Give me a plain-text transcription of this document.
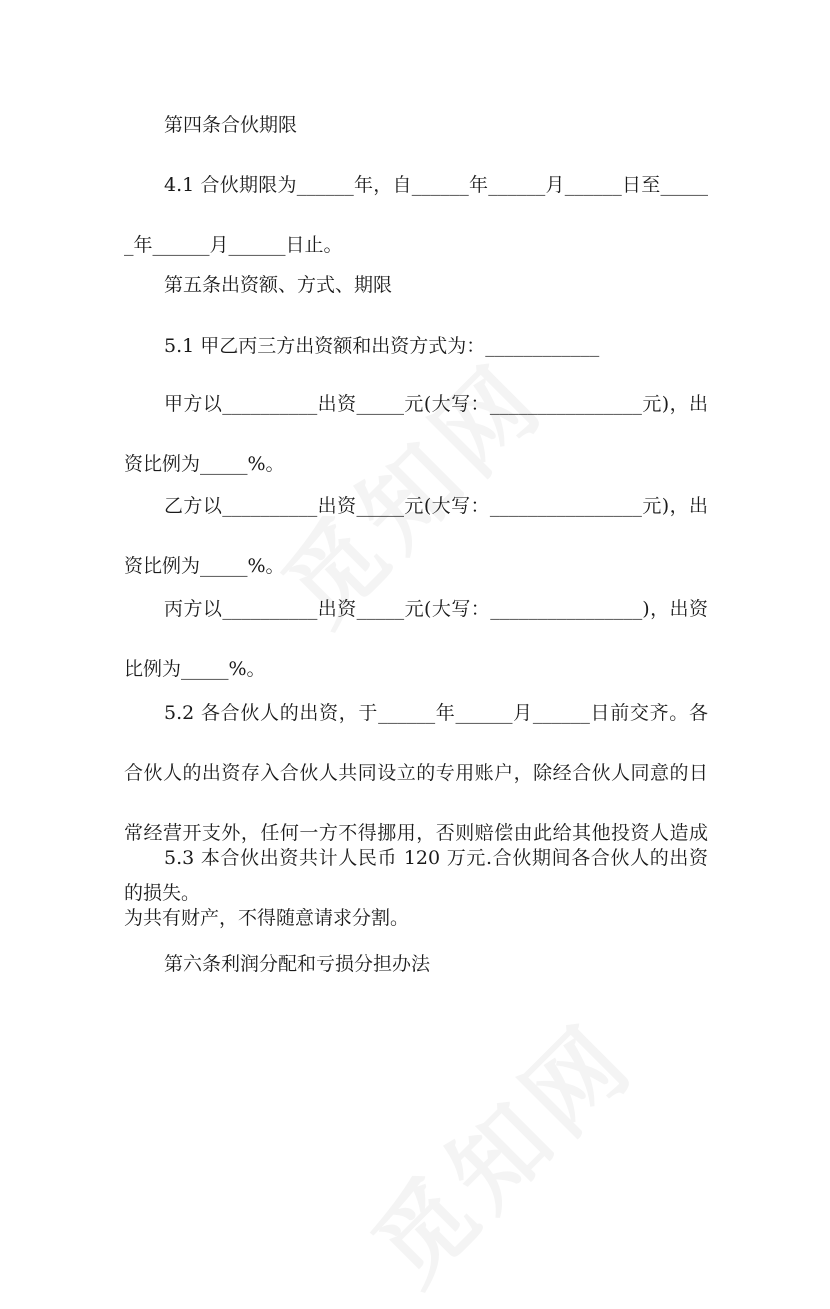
第四条合伙期限

4.1 合伙期限为______年，自______年______月______日至______年______月______日止。

第五条出资额、方式、期限

5.1 甲乙丙三方出资额和出资方式为：____________

甲方以__________出资_____元(大写：________________元)，出资比例为_____%。

乙方以__________出资_____元(大写：________________元)，出资比例为_____%。

丙方以__________出资_____元(大写：________________)，出资比例为_____%。

5.2 各合伙人的出资，于______年______月______日前交齐。各合伙人的出资存入合伙人共同设立的专用账户，除经合伙人同意的日常经营开支外，任何一方不得挪用，否则赔偿由此给其他投资人造成的损失。

5.3 本合伙出资共计人民币 120 万元.合伙期间各合伙人的出资为共有财产，不得随意请求分割。

第六条利润分配和亏损分担办法
